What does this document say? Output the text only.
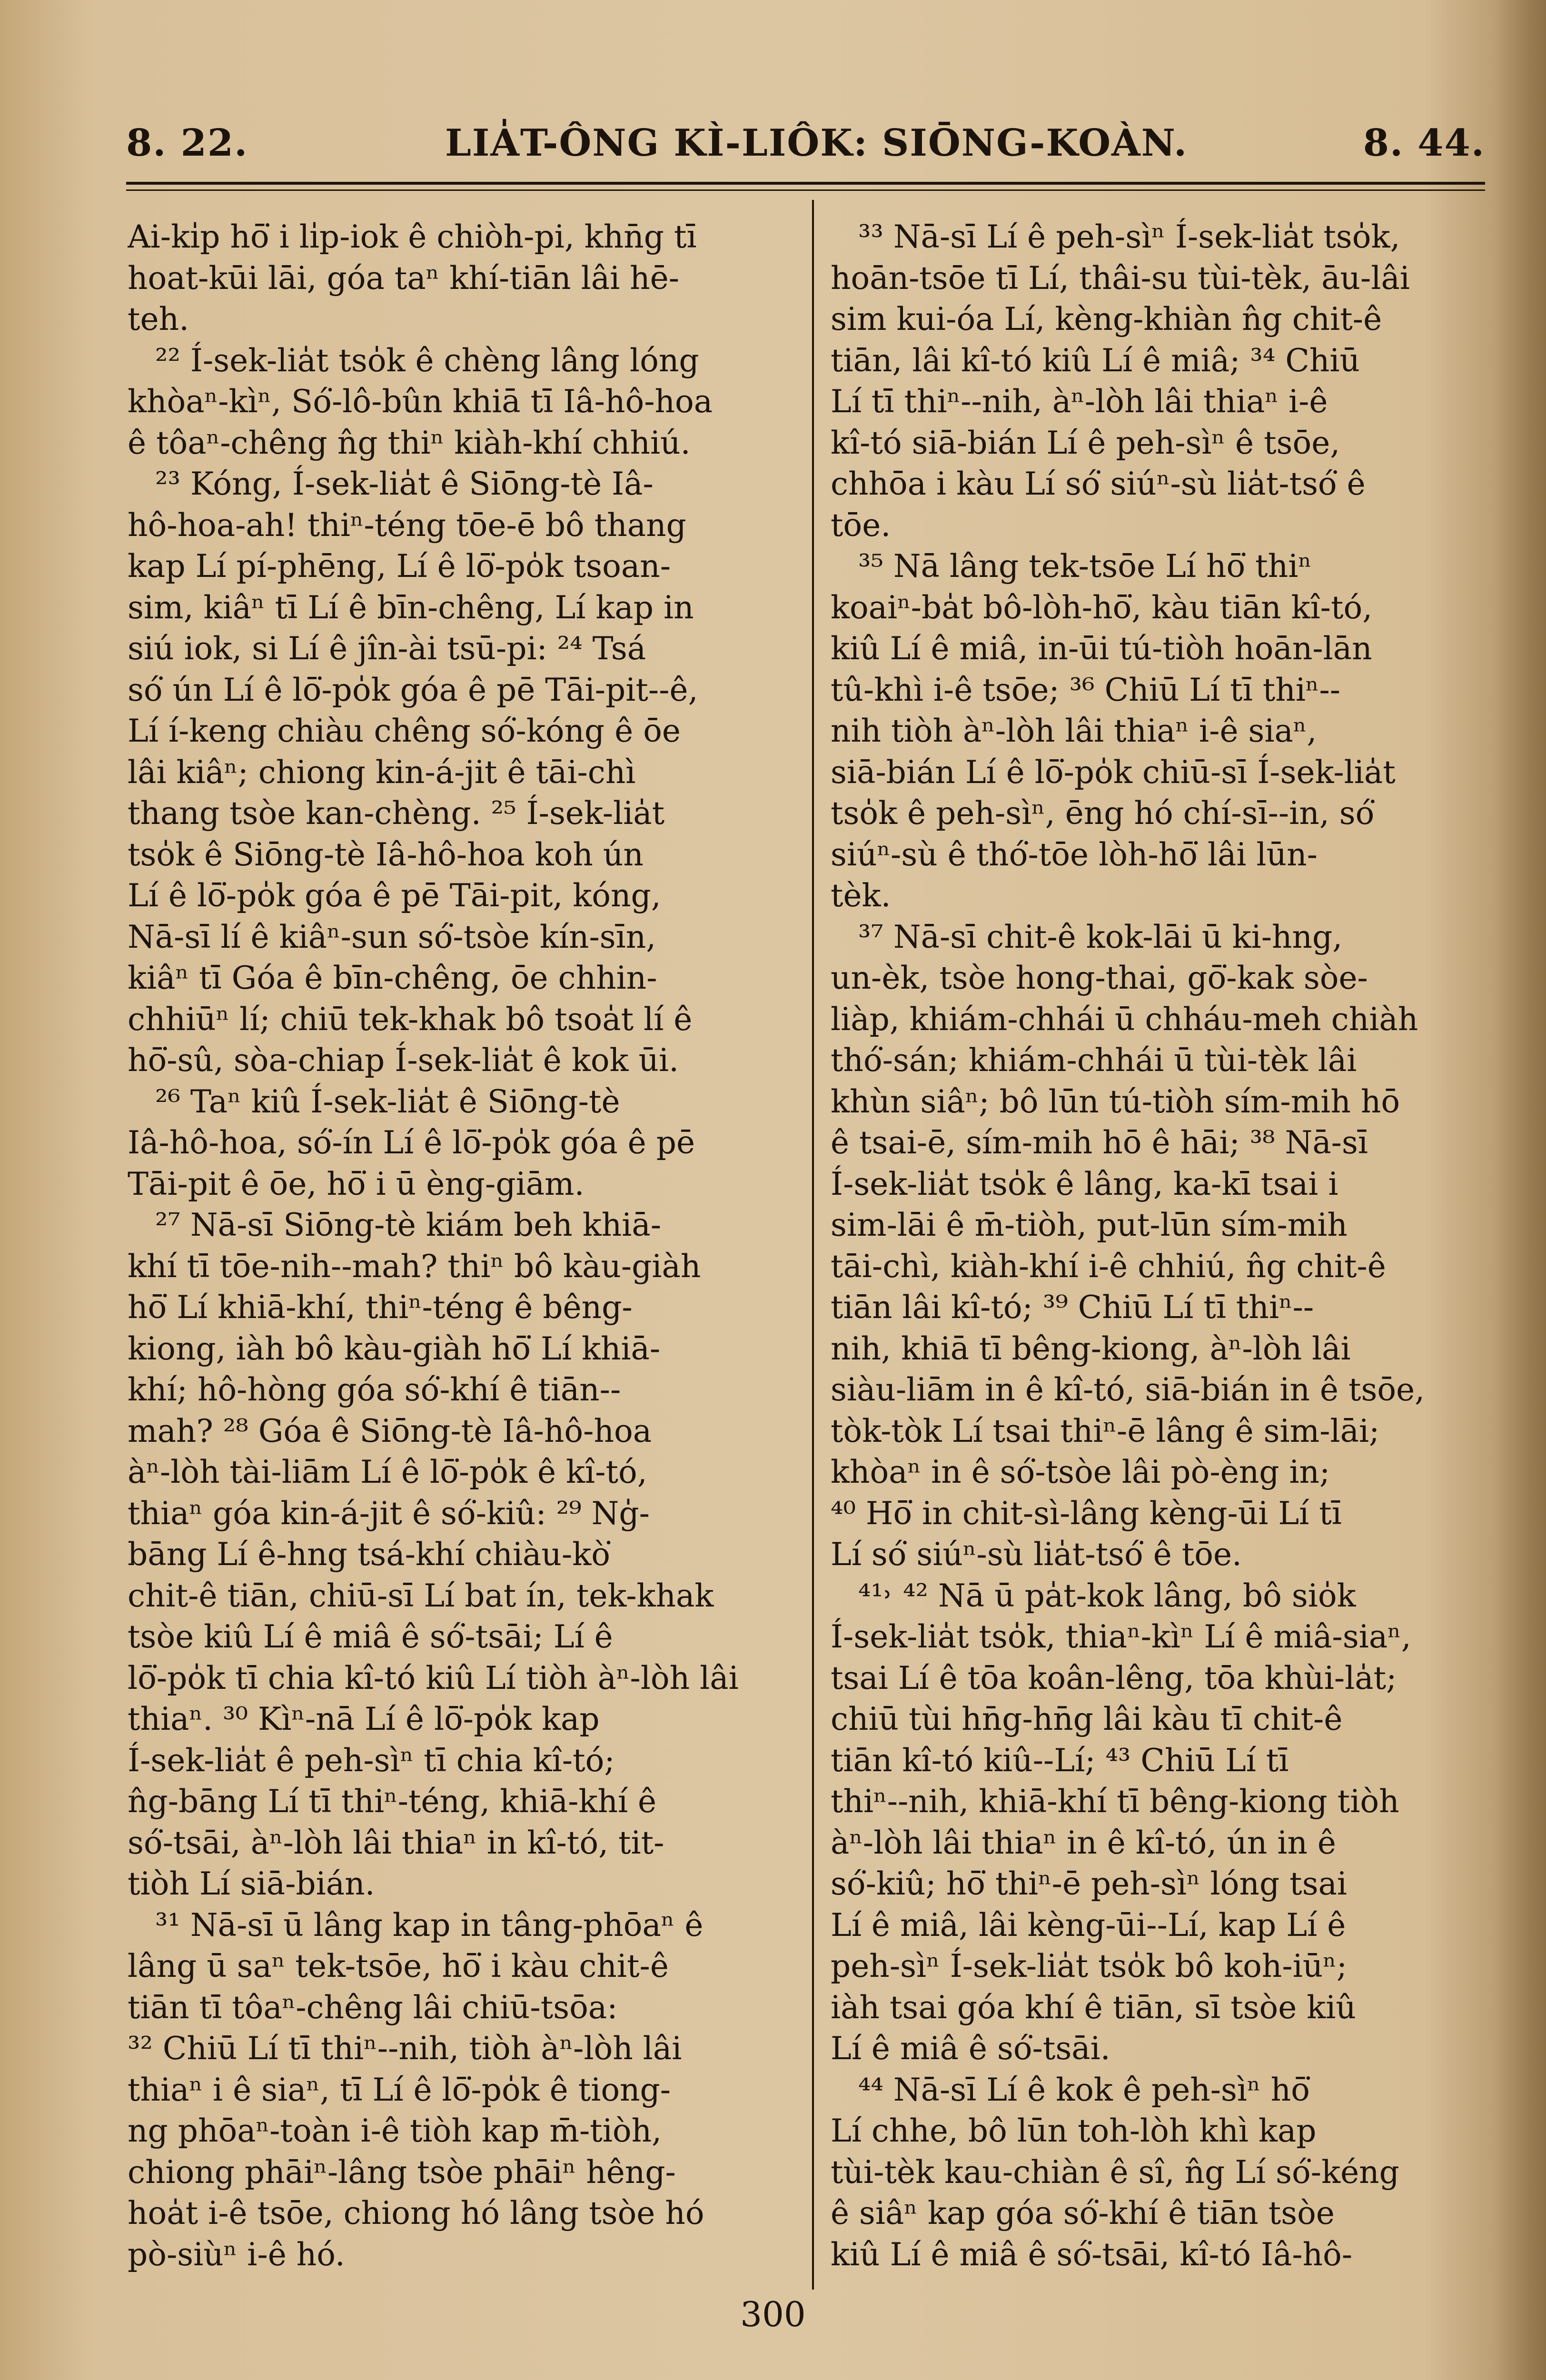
8. 22.	LIA̍T-ÔNG KÌ-LIÔK: SIŌNG-KOÀN.	8. 44.
Ai-ki̍p hō͘ i li̍p-iok ê chiòh-pi, khn̄g tī
hoat-kūi lāi, góa taⁿ khí-tiān lâi hē-
teh.
²² Í-sek-lia̍t tso̍k ê chèng lâng lóng
khòaⁿ-kìⁿ, Só͘-lô-bûn khiā tī Iâ-hô-hoa
ê tôaⁿ-chêng n̂g thiⁿ kiàh-khí chhiú.
²³ Kóng, Í-sek-lia̍t ê Siōng-tè Iâ-
hô-hoa-ah! thiⁿ-téng tōe-ē bô thang
kap Lí pí-phēng, Lí ê lō͘-po̍k tsoan-
sim, kiâⁿ tī Lí ê bīn-chêng, Lí kap in
siú iok, si Lí ê jîn-ài tsū-pi: ²⁴ Tsá
só͘ ún Lí ê lō͘-po̍k góa ê pē Tāi-pit--ê,
Lí í-keng chiàu chêng só͘-kóng ê ōe
lâi kiâⁿ; chiong kin-á-jit ê tāi-chì
thang tsòe kan-chèng. ²⁵ Í-sek-lia̍t
tso̍k ê Siōng-tè Iâ-hô-hoa koh ún
Lí ê lō͘-po̍k góa ê pē Tāi-pit, kóng,
Nā-sī lí ê kiâⁿ-sun só͘-tsòe kín-sīn,
kiâⁿ tī Góa ê bīn-chêng, ōe chhin-
chhiūⁿ lí; chiū tek-khak bô tsoa̍t lí ê
hō͘-sû, sòa-chiap Í-sek-lia̍t ê kok ūi.
²⁶ Taⁿ kiû Í-sek-lia̍t ê Siōng-tè
Iâ-hô-hoa, só͘-ín Lí ê lō͘-po̍k góa ê pē
Tāi-pit ê ōe, hō͘ i ū èng-giām.
²⁷ Nā-sī Siōng-tè kiám beh khiā-
khí tī tōe-nih--mah? thiⁿ bô kàu-giàh
hō͘ Lí khiā-khí, thiⁿ-téng ê bêng-
kiong, iàh bô kàu-giàh hō͘ Lí khiā-
khí; hô-hòng góa só͘-khí ê tiān--
mah? ²⁸ Góa ê Siōng-tè Iâ-hô-hoa
àⁿ-lòh tài-liām Lí ê lō͘-po̍k ê kî-tó,
thiaⁿ góa kin-á-jit ê só͘-kiû: ²⁹ Ng̍-
bāng Lí ê-hng tsá-khí chiàu-kò͘
chit-ê tiān, chiū-sī Lí bat ín, tek-khak
tsòe kiû Lí ê miâ ê só͘-tsāi; Lí ê
lō͘-po̍k tī chia kî-tó kiû Lí tiòh àⁿ-lòh lâi
thiaⁿ. ³⁰ Kìⁿ-nā Lí ê lō͘-po̍k kap
Í-sek-lia̍t ê peh-sìⁿ tī chia kî-tó;
n̂g-bāng Lí tī thiⁿ-téng, khiā-khí ê
só͘-tsāi, àⁿ-lòh lâi thiaⁿ in kî-tó, tit-
tiòh Lí siā-bián.
³¹ Nā-sī ū lâng kap in tâng-phōaⁿ ê
lâng ū saⁿ tek-tsōe, hō͘ i kàu chit-ê
tiān tī tôaⁿ-chêng lâi chiū-tsōa:
³² Chiū Lí tī thiⁿ--nih, tiòh àⁿ-lòh lâi
thiaⁿ i ê siaⁿ, tī Lí ê lō͘-po̍k ê tiong-
ng phōaⁿ-toàn i-ê tiòh kap m̄-tiòh,
chiong phāiⁿ-lâng tsòe phāiⁿ hêng-
hoa̍t i-ê tsōe, chiong hó lâng tsòe hó
pò-siùⁿ i-ê hó.
³³ Nā-sī Lí ê peh-sìⁿ Í-sek-lia̍t tso̍k,
hoān-tsōe tī Lí, thâi-su tùi-tèk, āu-lâi
sim kui-óa Lí, kèng-khiàn n̂g chit-ê
tiān, lâi kî-tó kiû Lí ê miâ; ³⁴ Chiū
Lí tī thiⁿ--nih, àⁿ-lòh lâi thiaⁿ i-ê
kî-tó siā-bián Lí ê peh-sìⁿ ê tsōe,
chhōa i kàu Lí só͘ siúⁿ-sù lia̍t-tsó͘ ê
tōe.
³⁵ Nā lâng tek-tsōe Lí hō͘ thiⁿ
koaiⁿ-ba̍t bô-lòh-hō͘, kàu tiān kî-tó,
kiû Lí ê miâ, in-ūi tú-tiòh hoān-lān
tû-khì i-ê tsōe; ³⁶ Chiū Lí tī thiⁿ--
nih tiòh àⁿ-lòh lâi thiaⁿ i-ê siaⁿ,
siā-bián Lí ê lō͘-po̍k chiū-sī Í-sek-lia̍t
tso̍k ê peh-sìⁿ, ēng hó chí-sī--in, só͘
siúⁿ-sù ê thó͘-tōe lòh-hō͘ lâi lūn-
tèk.
³⁷ Nā-sī chit-ê kok-lāi ū ki-hng,
un-èk, tsòe hong-thai, gō͘-kak sòe-
liàp, khiám-chhái ū chháu-meh chiàh
thó͘-sán; khiám-chhái ū tùi-tèk lâi
khùn siâⁿ; bô lūn tú-tiòh sím-mih hō
ê tsai-ē, sím-mih hō ê hāi; ³⁸ Nā-sī
Í-sek-lia̍t tso̍k ê lâng, ka-kī tsai i
sim-lāi ê m̄-tiòh, put-lūn sím-mih
tāi-chì, kiàh-khí i-ê chhiú, n̂g chit-ê
tiān lâi kî-tó; ³⁹ Chiū Lí tī thiⁿ--
nih, khiā tī bêng-kiong, àⁿ-lòh lâi
siàu-liām in ê kî-tó, siā-bián in ê tsōe,
tòk-tòk Lí tsai thiⁿ-ē lâng ê sim-lāi;
khòaⁿ in ê só͘-tsòe lâi pò-èng in;
⁴⁰ Hō͘ in chit-sì-lâng kèng-ūi Lí tī
Lí só͘ siúⁿ-sù lia̍t-tsó͘ ê tōe.
⁴¹˒ ⁴² Nā ū pa̍t-kok lâng, bô sio̍k
Í-sek-lia̍t tso̍k, thiaⁿ-kìⁿ Lí ê miâ-siaⁿ,
tsai Lí ê tōa koân-lêng, tōa khùi-la̍t;
chiū tùi hn̄g-hn̄g lâi kàu tī chit-ê
tiān kî-tó kiû--Lí; ⁴³ Chiū Lí tī
thiⁿ--nih, khiā-khí tī bêng-kiong tiòh
àⁿ-lòh lâi thiaⁿ in ê kî-tó, ún in ê
só͘-kiû; hō͘ thiⁿ-ē peh-sìⁿ lóng tsai
Lí ê miâ, lâi kèng-ūi--Lí, kap Lí ê
peh-sìⁿ Í-sek-lia̍t tso̍k bô koh-iūⁿ;
iàh tsai góa khí ê tiān, sī tsòe kiû
Lí ê miâ ê só͘-tsāi.
⁴⁴ Nā-sī Lí ê kok ê peh-sìⁿ hō͘
Lí chhe, bô lūn toh-lòh khì kap
tùi-tèk kau-chiàn ê sî, n̂g Lí só͘-kéng
ê siâⁿ kap góa só͘-khí ê tiān tsòe
kiû Lí ê miâ ê só͘-tsāi, kî-tó Iâ-hô-
300
